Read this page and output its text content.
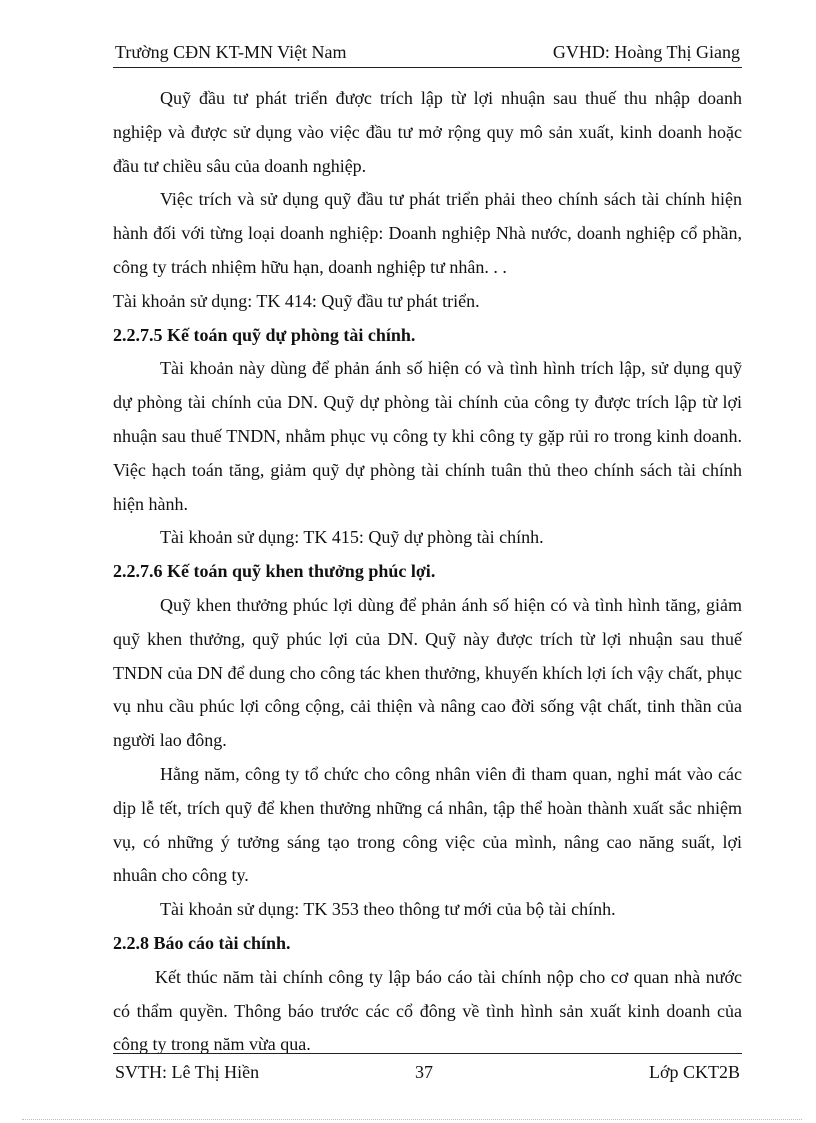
Trường CĐN KT-MN Việt Nam	GVHD: Hoàng Thị Giang

Quỹ đầu tư phát triển được trích lập từ lợi nhuận sau thuế thu nhập doanh nghiệp và được sử dụng vào việc đầu tư mở rộng quy mô sản xuất, kinh doanh hoặc đầu tư chiều sâu của doanh nghiệp.

Việc trích và sử dụng quỹ đầu tư phát triển phải theo chính sách tài chính hiện hành đối với từng loại doanh nghiệp: Doanh nghiệp Nhà nước, doanh nghiệp cổ phần, công ty trách nhiệm hữu hạn, doanh nghiệp tư nhân. . .

Tài khoản sử dụng: TK 414: Quỹ đầu tư phát triển.

2.2.7.5 Kế toán quỹ dự phòng tài chính.

Tài khoản này dùng để phản ánh số hiện có và tình hình trích lập, sử dụng quỹ dự phòng tài chính của DN. Quỹ dự phòng tài chính của công ty được trích lập từ lợi nhuận sau thuế TNDN, nhằm phục vụ công ty khi công ty gặp rủi ro trong kinh doanh. Việc hạch toán tăng, giảm quỹ dự phòng tài chính tuân thủ theo chính sách tài chính hiện hành.

Tài khoản sử dụng: TK 415: Quỹ dự phòng tài chính.

2.2.7.6 Kế toán quỹ khen thưởng phúc lợi.

Quỹ khen thưởng phúc lợi dùng để phản ánh số hiện có và tình hình tăng, giảm quỹ khen thưởng, quỹ phúc lợi của DN. Quỹ này được trích từ lợi nhuận sau thuế TNDN của DN để dung cho công tác khen thưởng, khuyến khích lợi ích vậy chất, phục vụ nhu cầu phúc lợi công cộng, cải thiện và nâng cao đời sống vật chất, tinh thần của người lao đông.

Hằng năm, công ty tổ chức cho công nhân viên đi tham quan, nghỉ mát vào các dịp lễ tết, trích quỹ để khen thưởng những cá nhân, tập thể hoàn thành xuất sắc nhiệm vụ, có những ý tưởng sáng tạo trong công việc của mình, nâng cao năng suất, lợi nhuân cho công ty.

Tài khoản sử dụng: TK 353 theo thông tư mới của bộ tài chính.

2.2.8 Báo cáo tài chính.

Kết thúc năm tài chính công ty lập báo cáo tài chính nộp cho cơ quan nhà nước có thẩm quyền. Thông báo trước các cổ đông về tình hình sản xuất kinh doanh của công ty trong năm vừa qua.

SVTH: Lê Thị Hiền	37	Lớp CKT2B
